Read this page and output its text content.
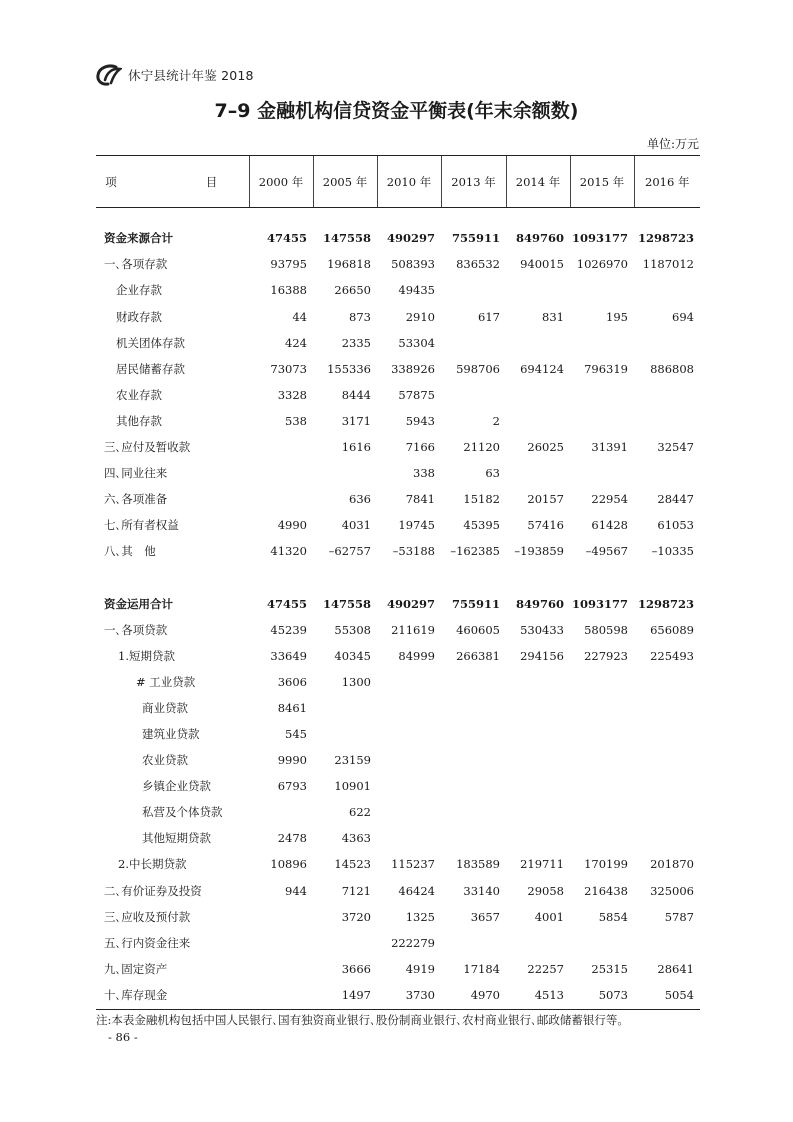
休宁县统计年鉴 2018
7–9 金融机构信贷资金平衡表(年末余额数)
单位:万元
项　　目	2000 年	2005 年	2010 年	2013 年	2014 年	2015 年	2016 年

资金来源合计	47455	147558	490297	755911	849760	1093177	1298723
一､各项存款	93795	196818	508393	836532	940015	1026970	1187012
企业存款	16388	26650	49435				
财政存款	44	873	2910	617	831	195	694
机关团体存款	424	2335	53304				
居民储蓄存款	73073	155336	338926	598706	694124	796319	886808
农业存款	3328	8444	57875				
其他存款	538	3171	5943	2			
三､应付及暂收款		1616	7166	21120	26025	31391	32547
四､同业往来			338	63			
六､各项准备		636	7841	15182	20157	22954	28447
七､所有者权益	4990	4031	19745	45395	57416	61428	61053
八､其　他	41320	–62757	–53188	–162385	–193859	–49567	–10335

资金运用合计	47455	147558	490297	755911	849760	1093177	1298723
一､各项贷款	45239	55308	211619	460605	530433	580598	656089
1.短期贷款	33649	40345	84999	266381	294156	227923	225493
# 工业贷款	3606	1300					
商业贷款	8461						
建筑业贷款	545						
农业贷款	9990	23159					
乡镇企业贷款	6793	10901					
私营及个体贷款		622					
其他短期贷款	2478	4363					
2.中长期贷款	10896	14523	115237	183589	219711	170199	201870
二､有价证券及投资	944	7121	46424	33140	29058	216438	325006
三､应收及预付款		3720	1325	3657	4001	5854	5787
五､行内资金往来			222279				
九､固定资产		3666	4919	17184	22257	25315	28641
十､库存现金		1497	3730	4970	4513	5073	5054
注:本表金融机构包括中国人民银行､国有独资商业银行､股份制商业银行､农村商业银行､邮政储蓄银行等｡
- 86 -
